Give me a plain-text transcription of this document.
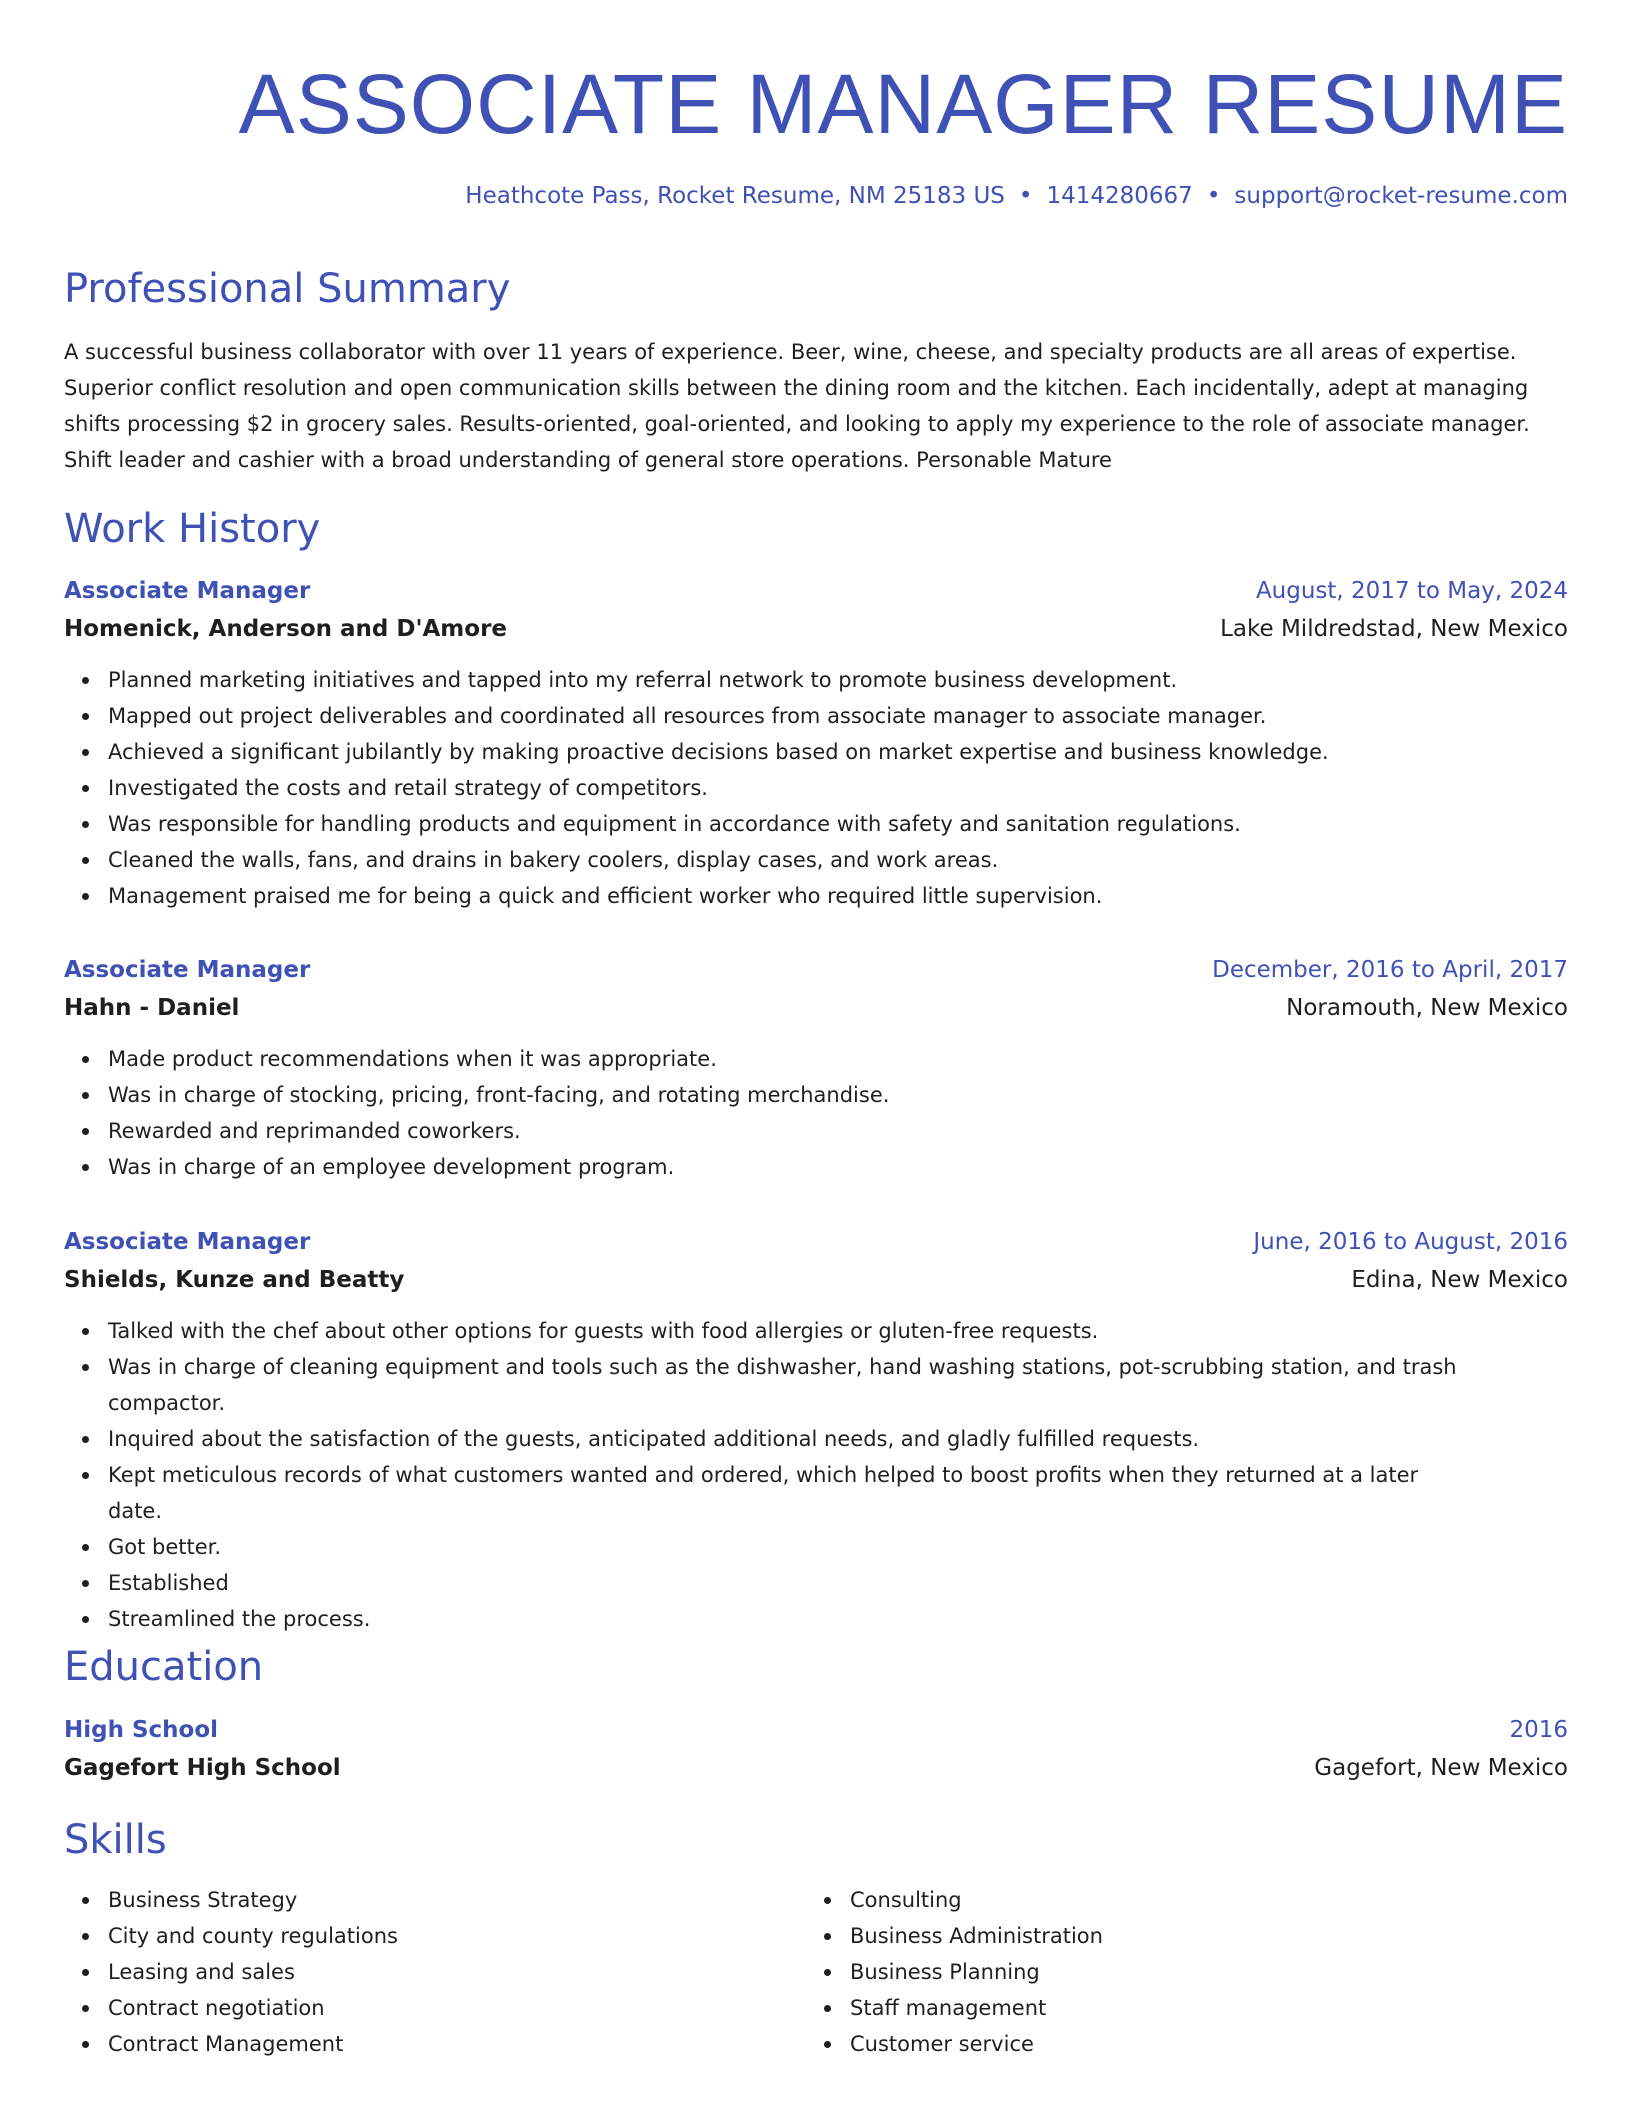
ASSOCIATE MANAGER RESUME
Heathcote Pass, Rocket Resume, NM 25183 US • 1414280667 • support@rocket-resume.com
Professional Summary

A successful business collaborator with over 11 years of experience. Beer, wine, cheese, and specialty products are all areas of expertise. Superior conflict resolution and open communication skills between the dining room and the kitchen. Each incidentally, adept at managing shifts processing $2 in grocery sales. Results-oriented, goal-oriented, and looking to apply my experience to the role of associate manager. Shift leader and cashier with a broad understanding of general store operations. Personable Mature

Work History
Associate Manager	August, 2017 to May, 2024
Homenick, Anderson and D'Amore	Lake Mildredstad, New Mexico
Planned marketing initiatives and tapped into my referral network to promote business development.
Mapped out project deliverables and coordinated all resources from associate manager to associate manager.
Achieved a significant jubilantly by making proactive decisions based on market expertise and business knowledge.
Investigated the costs and retail strategy of competitors.
Was responsible for handling products and equipment in accordance with safety and sanitation regulations.
Cleaned the walls, fans, and drains in bakery coolers, display cases, and work areas.
Management praised me for being a quick and efficient worker who required little supervision.
Associate Manager	December, 2016 to April, 2017
Hahn - Daniel	Noramouth, New Mexico
Made product recommendations when it was appropriate.
Was in charge of stocking, pricing, front-facing, and rotating merchandise.
Rewarded and reprimanded coworkers.
Was in charge of an employee development program.
Associate Manager	June, 2016 to August, 2016
Shields, Kunze and Beatty	Edina, New Mexico
Talked with the chef about other options for guests with food allergies or gluten-free requests.
Was in charge of cleaning equipment and tools such as the dishwasher, hand washing stations, pot-scrubbing station, and trash compactor.
Inquired about the satisfaction of the guests, anticipated additional needs, and gladly fulfilled requests.
Kept meticulous records of what customers wanted and ordered, which helped to boost profits when they returned at a later date.
Got better.
Established
Streamlined the process.
Education
High School	2016
Gagefort High School	Gagefort, New Mexico
Skills
Business Strategy
City and county regulations
Leasing and sales
Contract negotiation
Contract Management
Consulting
Business Administration
Business Planning
Staff management
Customer service
